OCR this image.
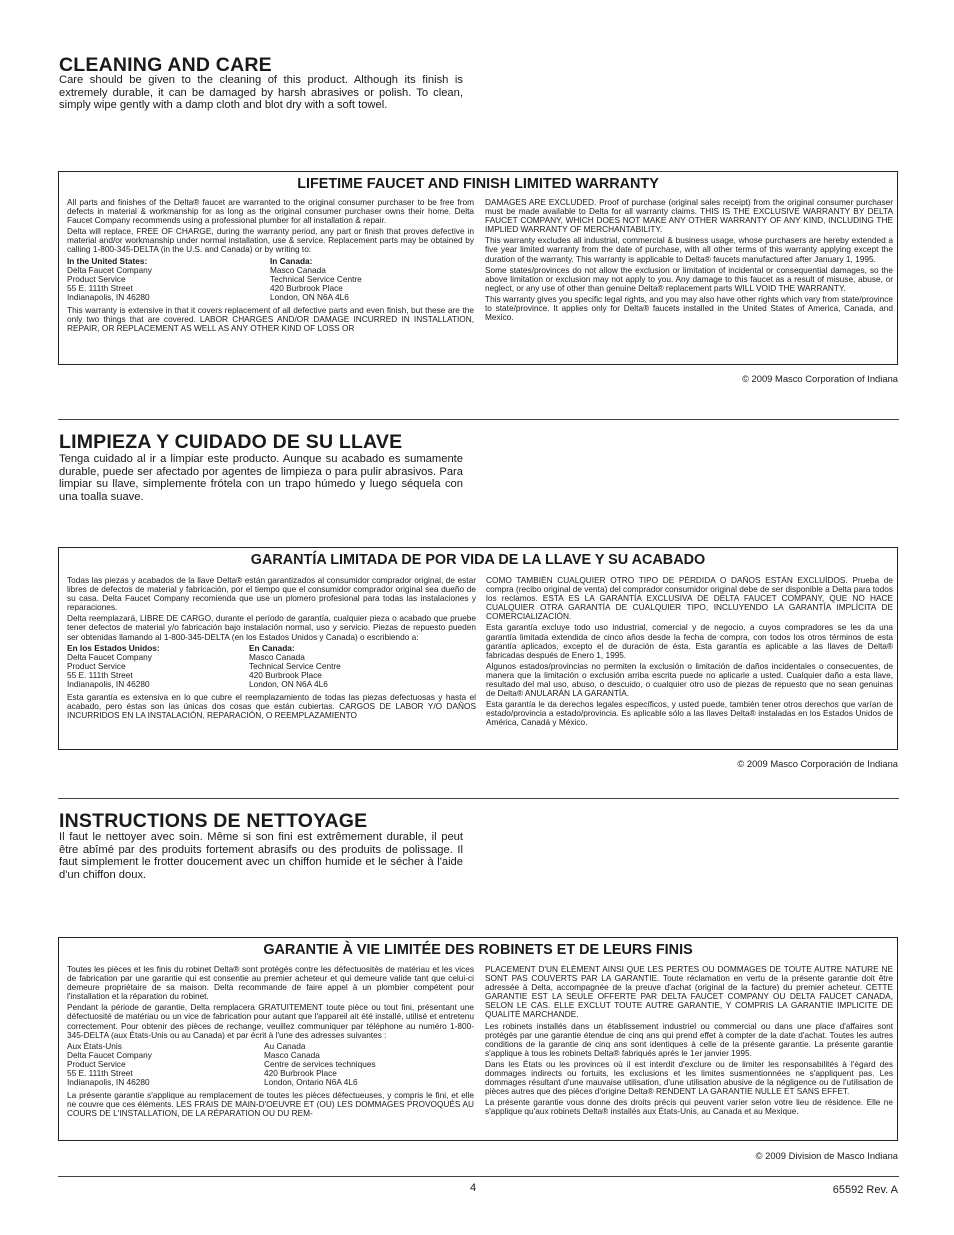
CLEANING AND CARE

Care should be given to the cleaning of this product. Although its finish is extremely durable, it can be damaged by harsh abrasives or polish. To clean, simply wipe gently with a damp cloth and blot dry with a soft towel.

LIFETIME FAUCET AND FINISH LIMITED WARRANTY

All parts and finishes of the Delta® faucet are warranted to the original consumer purchaser to be free from defects in material & workmanship for as long as the original consumer purchaser owns their home. Delta Faucet Company recommends using a professional plumber for all installation & repair.

Delta will replace, FREE OF CHARGE, during the warranty period, any part or finish that proves defective in material and/or workmanship under normal installation, use & service. Replacement parts may be obtained by calling 1-800-345-DELTA (in the U.S. and Canada) or by writing to:

In the United States:
Delta Faucet Company
Product Service
55 E. 111th Street
Indianapolis, IN 46280
In Canada:
Masco Canada
Technical Service Centre
420 Burbrook Place
London, ON N6A 4L6

This warranty is extensive in that it covers replacement of all defective parts and even finish, but these are the only two things that are covered. LABOR CHARGES AND/OR DAMAGE INCURRED IN INSTALLATION, REPAIR, OR REPLACEMENT AS WELL AS ANY OTHER KIND OF LOSS OR

DAMAGES ARE EXCLUDED. Proof of purchase (original sales receipt) from the original consumer purchaser must be made available to Delta for all warranty claims. THIS IS THE EXCLUSIVE WARRANTY BY DELTA FAUCET COMPANY, WHICH DOES NOT MAKE ANY OTHER WARRANTY OF ANY KIND, INCLUDING THE IMPLIED WARRANTY OF MERCHANTABILITY.

This warranty excludes all industrial, commercial & business usage, whose purchasers are hereby extended a five year limited warranty from the date of purchase, with all other terms of this warranty applying except the duration of the warranty. This warranty is applicable to Delta® faucets manufactured after January 1, 1995.

Some states/provinces do not allow the exclusion or limitation of incidental or consequential damages, so the above limitation or exclusion may not apply to you. Any damage to this faucet as a result of misuse, abuse, or neglect, or any use of other than genuine Delta® replacement parts WILL VOID THE WARRANTY.

This warranty gives you specific legal rights, and you may also have other rights which vary from state/province to state/province. It applies only for Delta® faucets installed in the United States of America, Canada, and Mexico.

© 2009 Masco Corporation of Indiana
LIMPIEZA Y CUIDADO DE SU LLAVE

Tenga cuidado al ir a limpiar este producto. Aunque su acabado es sumamente durable, puede ser afectado por agentes de limpieza o para pulir abrasivos. Para limpiar su llave, simplemente frótela con un trapo húmedo y luego séquela con una toalla suave.

GARANTÍA LIMITADA DE POR VIDA DE LA LLAVE Y SU ACABADO

Todas las piezas y acabados de la llave Delta® están garantizados al consumidor comprador original, de estar libres de defectos de material y fabricación, por el tiempo que el consumidor comprador original sea dueño de su casa. Delta Faucet Company recomienda que use un plomero profesional para todas las instalaciones y reparaciones.

Delta reemplazará, LIBRE DE CARGO, durante el período de garantía, cualquier pieza o acabado que pruebe tener defectos de material y/o fabricación bajo instalación normal, uso y servicio. Piezas de repuesto pueden ser obtenidas llamando al 1-800-345-DELTA (en los Estados Unidos y Canada) o escribiendo a:

En los Estados Unidos:
Delta Faucet Company
Product Service
55 E. 111th Street
Indianapolis, IN 46280
En Canada:
Masco Canada
Technical Service Centre
420 Burbrook Place
London, ON N6A 4L6

Esta garantía es extensiva en lo que cubre el reemplazamiento de todas las piezas defectuosas y hasta el acabado, pero éstas son las únicas dos cosas que están cubiertas. CARGOS DE LABOR Y/O DAÑOS INCURRIDOS EN LA INSTALACIÓN, REPARACIÓN, O REEMPLAZAMIENTO

COMO TAMBIÉN CUALQUIER OTRO TIPO DE PÉRDIDA O DAÑOS ESTÁN EXCLUÍDOS. Prueba de compra (recibo original de venta) del comprador consumidor original debe de ser disponible a Delta para todos los reclamos. ESTA ES LA GARANTÍA EXCLUSIVA DE DELTA FAUCET COMPANY, QUE NO HACE CUALQUIER OTRA GARANTÍA DE CUALQUIER TIPO, INCLUYENDO LA GARANTÍA IMPLÍCITA DE COMERCIALIZACIÓN.

Esta garantía excluye todo uso industrial, comercial y de negocio, a cuyos compradores se les da una garantía limitada extendida de cinco años desde la fecha de compra, con todos los otros términos de esta garantía aplicados, excepto el de duración de ésta. Esta garantía es aplicable a las llaves de Delta® fabricadas después de Enero 1, 1995.

Algunos estados/provincias no permiten la exclusión o limitación de daños incidentales o consecuentes, de manera que la limitación o exclusión arriba escrita puede no aplicarle a usted. Cualquier daño a esta llave, resultado del mal uso, abuso, o descuido, o cualquier otro uso de piezas de repuesto que no sean genuinas de Delta® ANULARÁN LA GARANTÍA.

Esta garantía le da derechos legales específicos, y usted puede, también tener otros derechos que varían de estado/provincia a estado/provincia. Es aplicable sólo a las llaves Delta® instaladas en los Estados Unidos de América, Canadá y México.

© 2009 Masco Corporación de Indiana
INSTRUCTIONS DE NETTOYAGE

Il faut le nettoyer avec soin. Même si son fini est extrêmement durable, il peut être abîmé par des produits fortement abrasifs ou des produits de polissage. Il faut simplement le frotter doucement avec un chiffon humide et le sécher à l'aide d'un chiffon doux.

GARANTIE À VIE LIMITÉE DES ROBINETS ET DE LEURS FINIS

Toutes les pièces et les finis du robinet Delta® sont protégés contre les défectuosités de matériau et les vices de fabrication par une garantie qui est consentie au premier acheteur et qui demeure valide tant que celui-ci demeure propriétaire de sa maison. Delta recommande de faire appel à un plombier compétent pour l'installation et la réparation du robinet.

Pendant la période de garantie, Delta remplacera GRATUITEMENT toute pièce ou tout fini, présentant une défectuosité de matériau ou un vice de fabrication pour autant que l'appareil ait été installé, utilisé et entretenu correctement. Pour obtenir des pièces de rechange, veuillez communiquer par téléphone au numéro 1-800-345-DELTA (aux États-Unis ou au Canada) et par écrit à l'une des adresses suivantes :

Aux États-Unis
Delta Faucet Company
Product Service
55 E. 111th Street
Indianapolis, IN 46280
Au Canada
Masco Canada
Centre de services techniques
420 Burbrook Place
London, Ontario N6A 4L6

La présente garantie s'applique au remplacement de toutes les pièces défectueuses, y compris le fini, et elle ne couvre que ces éléments. LES FRAIS DE MAIN-D'OEUVRE ET (OU) LES DOMMAGES PROVOQUÉS AU COURS DE L'INSTALLATION, DE LA RÉPARATION OU DU REM-

PLACEMENT D'UN ÉLÉMENT AINSI QUE LES PERTES OU DOMMAGES DE TOUTE AUTRE NATURE NE SONT PAS COUVERTS PAR LA GARANTIE. Toute réclamation en vertu de la présente garantie doit être adressée à Delta, accompagnée de la preuve d'achat (original de la facture) du premier acheteur. CETTE GARANTIE EST LA SEULE OFFERTE PAR DELTA FAUCET COMPANY OU DELTA FAUCET CANADA, SELON LE CAS. ELLE EXCLUT TOUTE AUTRE GARANTIE, Y COMPRIS LA GARANTIE IMPLICITE DE QUALITÉ MARCHANDE.

Les robinets installés dans un établissement industriel ou commercial ou dans une place d'affaires sont protégés par une garantie étendue de cinq ans qui prend effet à compter de la date d'achat. Toutes les autres conditions de la garantie de cinq ans sont identiques à celle de la présente garantie. La présente garantie s'applique à tous les robinets Delta® fabriqués après le 1er janvier 1995.

Dans les États ou les provinces où il est interdit d'exclure ou de limiter les responsabilités à l'égard des dommages indirects ou fortuits, les exclusions et les limites susmentionnées ne s'appliquent pas. Les dommages résultant d'une mauvaise utilisation, d'une utilisation abusive de la négligence ou de l'utilisation de pièces autres que des pièces d'origine Delta® RENDENT LA GARANTIE NULLE ET SANS EFFET.

La présente garantie vous donne des droits précis qui peuvent varier selon votre lieu de résidence. Elle ne s'applique qu'aux robinets Delta® installés aux États-Unis, au Canada et au Mexique.

© 2009 Division de Masco Indiana
4	65592 Rev. A
